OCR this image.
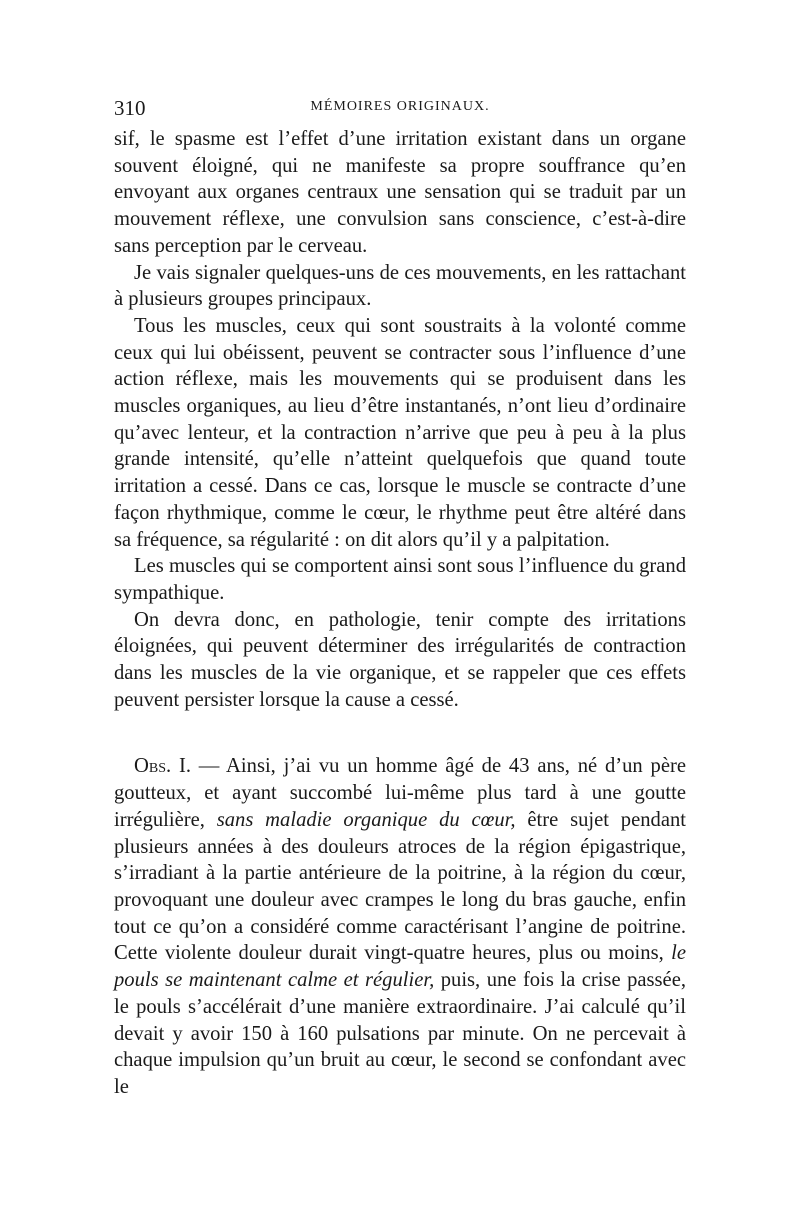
310	MÉMOIRES ORIGINAUX.

sif, le spasme est l’effet d’une irritation existant dans un organe souvent éloigné, qui ne manifeste sa propre souffrance qu’en envoyant aux organes centraux une sensation qui se traduit par un mouvement réflexe, une convulsion sans conscience, c’est-à-dire sans perception par le cerveau.

Je vais signaler quelques-uns de ces mouvements, en les rattachant à plusieurs groupes principaux.

Tous les muscles, ceux qui sont soustraits à la volonté comme ceux qui lui obéissent, peuvent se contracter sous l’influence d’une action réflexe, mais les mouvements qui se produisent dans les muscles organiques, au lieu d’être instantanés, n’ont lieu d’ordinaire qu’avec lenteur, et la contraction n’arrive que peu à peu à la plus grande intensité, qu’elle n’atteint quelquefois que quand toute irritation a cessé. Dans ce cas, lorsque le muscle se contracte d’une façon rhythmique, comme le cœur, le rhythme peut être altéré dans sa fréquence, sa régularité : on dit alors qu’il y a palpitation.

Les muscles qui se comportent ainsi sont sous l’influence du grand sympathique.

On devra donc, en pathologie, tenir compte des irritations éloignées, qui peuvent déterminer des irrégularités de contraction dans les muscles de la vie organique, et se rappeler que ces effets peuvent persister lorsque la cause a cessé.

Obs. I. — Ainsi, j’ai vu un homme âgé de 43 ans, né d’un père goutteux, et ayant succombé lui-même plus tard à une goutte irrégulière, sans maladie organique du cœur, être sujet pendant plusieurs années à des douleurs atroces de la région épigastrique, s’irradiant à la partie antérieure de la poitrine, à la région du cœur, provoquant une douleur avec crampes le long du bras gauche, enfin tout ce qu’on a considéré comme caractérisant l’angine de poitrine. Cette violente douleur durait vingt-quatre heures, plus ou moins, le pouls se maintenant calme et régulier, puis, une fois la crise passée, le pouls s’accélérait d’une manière extraordinaire. J’ai calculé qu’il devait y avoir 150 à 160 pulsations par minute. On ne percevait à chaque impulsion qu’un bruit au cœur, le second se confondant avec le
